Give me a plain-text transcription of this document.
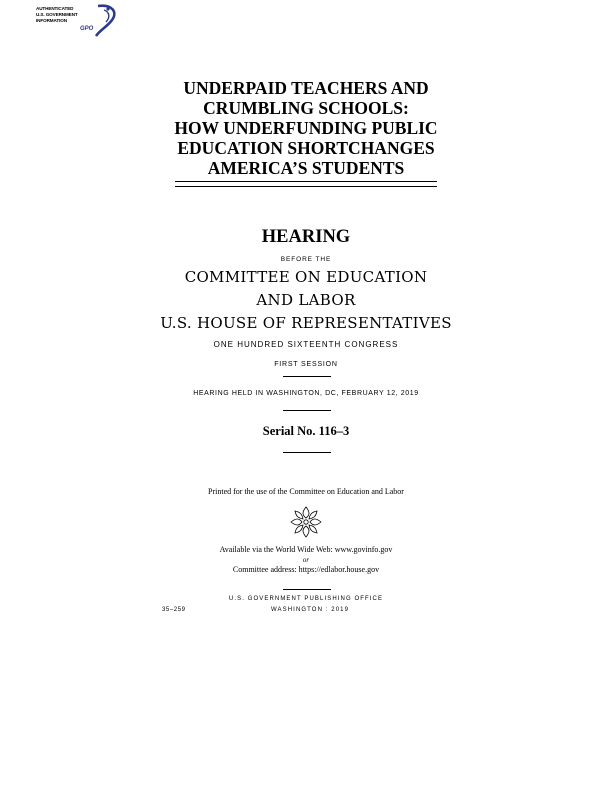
AUTHENTICATED
U.S. GOVERNMENT
INFORMATION
GPO
UNDERPAID TEACHERS AND
CRUMBLING SCHOOLS:
HOW UNDERFUNDING PUBLIC
EDUCATION SHORTCHANGES
AMERICA’S STUDENTS
HEARING
BEFORE THE
COMMITTEE ON EDUCATION
AND LABOR
U.S. HOUSE OF REPRESENTATIVES
ONE HUNDRED SIXTEENTH CONGRESS
FIRST SESSION
HEARING HELD IN WASHINGTON, DC, FEBRUARY 12, 2019
Serial No. 116–3
Printed for the use of the Committee on Education and Labor
Available via the World Wide Web: www.govinfo.gov
or
Committee address: https://edlabor.house.gov
U.S. GOVERNMENT PUBLISHING OFFICE
35–259	WASHINGTON : 2019
